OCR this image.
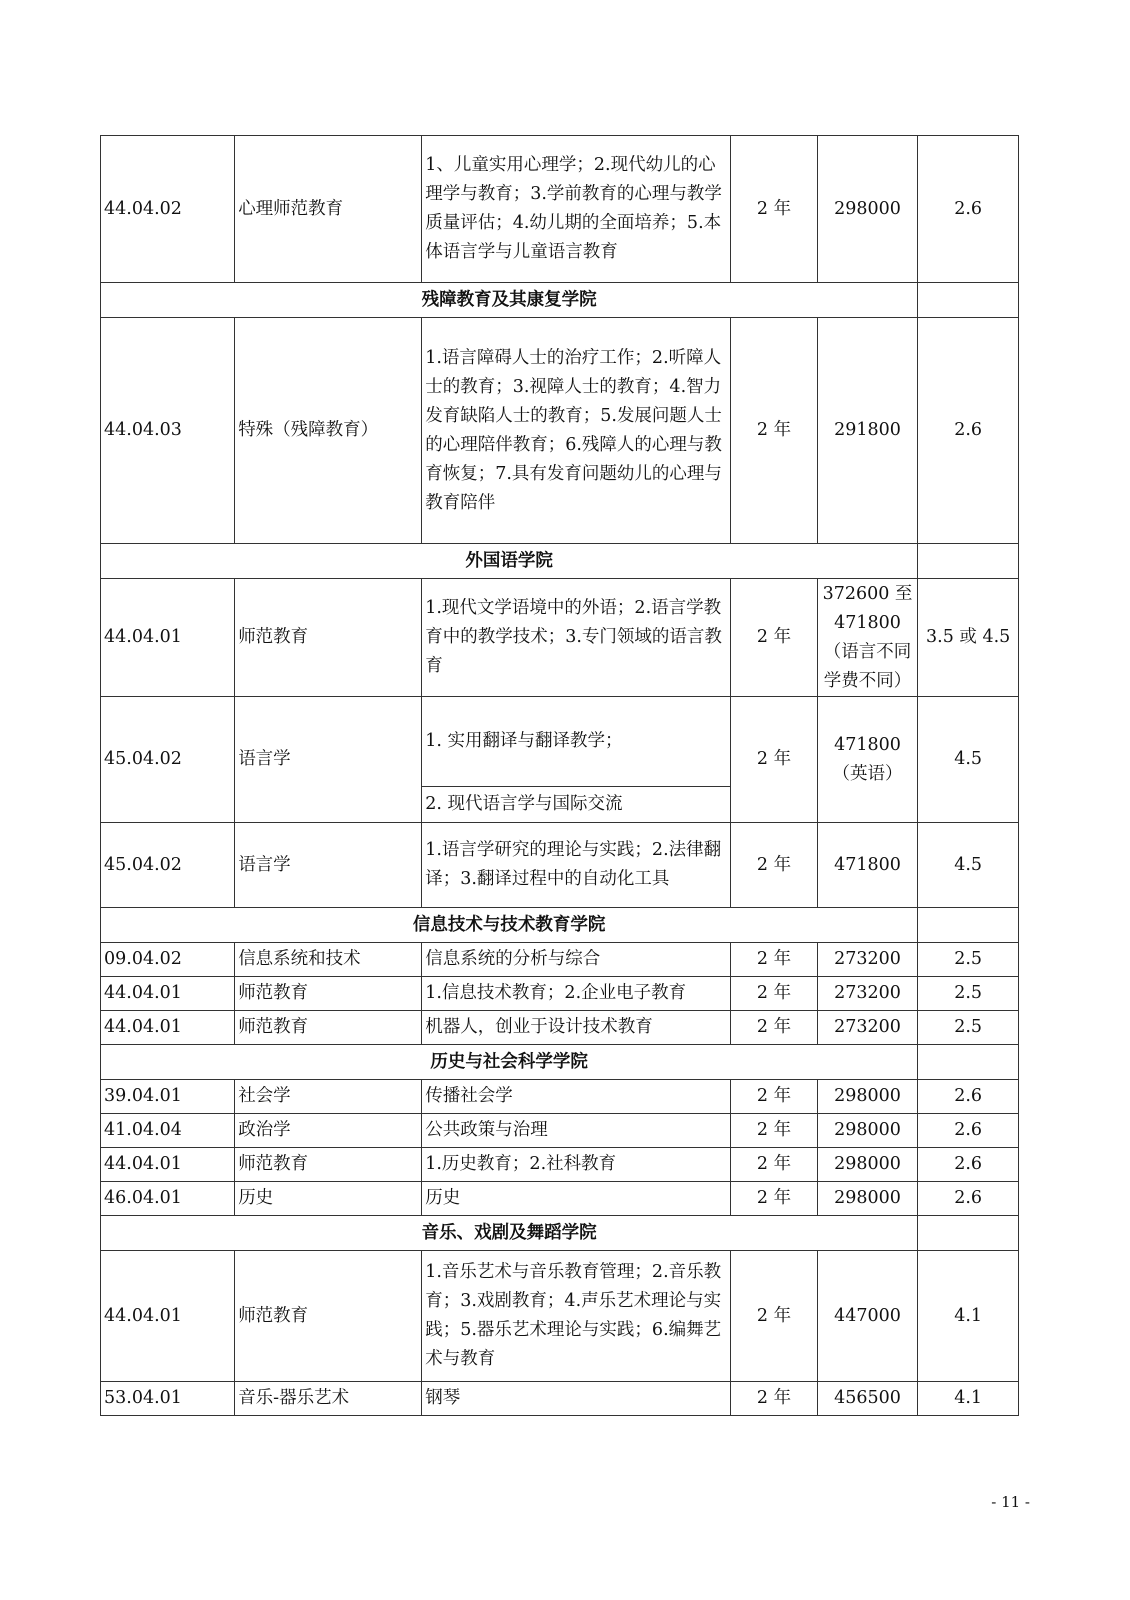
44.04.02	心理师范教育	1、儿童实用心理学；2.现代幼儿的心理学与教育；3.学前教育的心理与教学质量评估；4.幼儿期的全面培养；5.本体语言学与儿童语言教育	2 年	298000	2.6
残障教育及其康复学院					
44.04.03	特殊（残障教育）	1.语言障碍人士的治疗工作；2.听障人士的教育；3.视障人士的教育；4.智力发育缺陷人士的教育；5.发展问题人士的心理陪伴教育；6.残障人的心理与教育恢复；7.具有发育问题幼儿的心理与教育陪伴	2 年	291800	2.6
外国语学院					
44.04.01	师范教育	1.现代文学语境中的外语；2.语言学教育中的教学技术；3.专门领域的语言教育	2 年	372600 至 471800（语言不同学费不同）	3.5 或 4.5
45.04.02	语言学	1. 实用翻译与翻译教学；	2 年	471800（英语）	4.5
		2. 现代语言学与国际交流			
45.04.02	语言学	1.语言学研究的理论与实践；2.法律翻译；3.翻译过程中的自动化工具	2 年	471800	4.5
信息技术与技术教育学院					
09.04.02	信息系统和技术	信息系统的分析与综合	2 年	273200	2.5
44.04.01	师范教育	1.信息技术教育；2.企业电子教育	2 年	273200	2.5
44.04.01	师范教育	机器人，创业于设计技术教育	2 年	273200	2.5
历史与社会科学学院					
39.04.01	社会学	传播社会学	2 年	298000	2.6
41.04.04	政治学	公共政策与治理	2 年	298000	2.6
44.04.01	师范教育	1.历史教育；2.社科教育	2 年	298000	2.6
46.04.01	历史	历史	2 年	298000	2.6
音乐、戏剧及舞蹈学院					
44.04.01	师范教育	1.音乐艺术与音乐教育管理；2.音乐教育；3.戏剧教育；4.声乐艺术理论与实践；5.器乐艺术理论与实践；6.编舞艺术与教育	2 年	447000	4.1
53.04.01	音乐-器乐艺术	钢琴	2 年	456500	4.1
- 11 -
